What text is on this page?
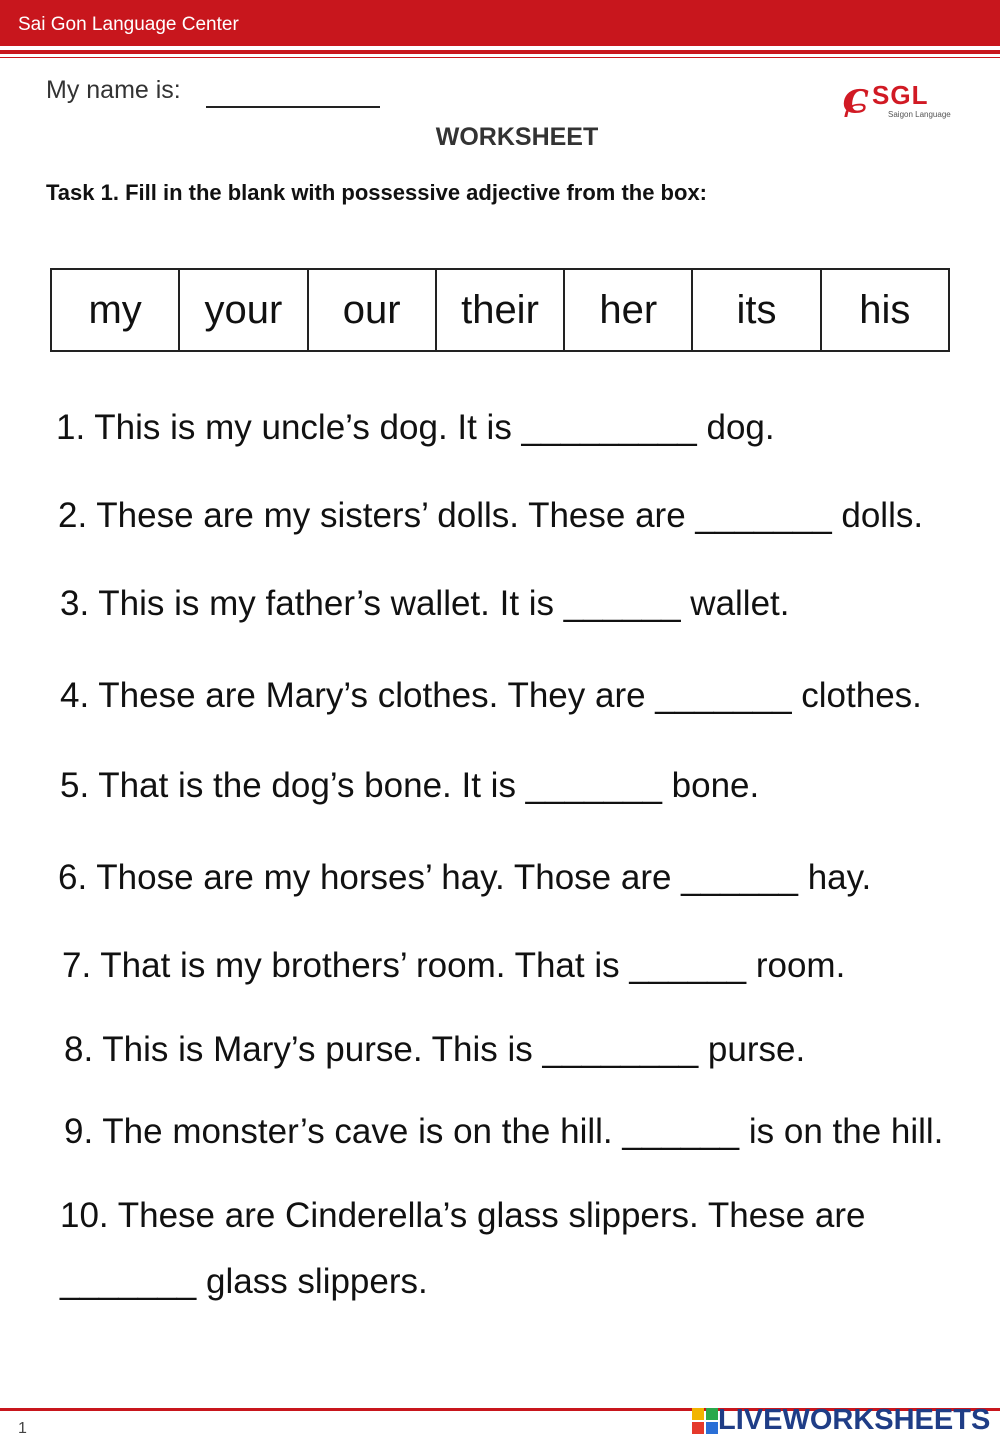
Sai Gon Language Center
My name is:	ɕ SGL
Saigon Language
WORKSHEET
Task 1. Fill in the blank with possessive adjective from the box:
my	your	our	their	her	its	his
1. This is my uncle’s dog. It is _________ dog.
2. These are my sisters’ dolls. These are _______ dolls.
3. This is my father’s wallet. It is ______ wallet.
4. These are Mary’s clothes. They are _______ clothes.
5. That is the dog’s bone. It is _______ bone.
6. Those are my horses’ hay. Those are ______ hay.
7. That is my brothers’ room. That is ______ room.
8. This is Mary’s purse. This is ________ purse.
9. The monster’s cave is on the hill. ______ is on the hill.
10. These are Cinderella’s glass slippers. These are
_______ glass slippers.
1	LIVEWORKSHEETS
